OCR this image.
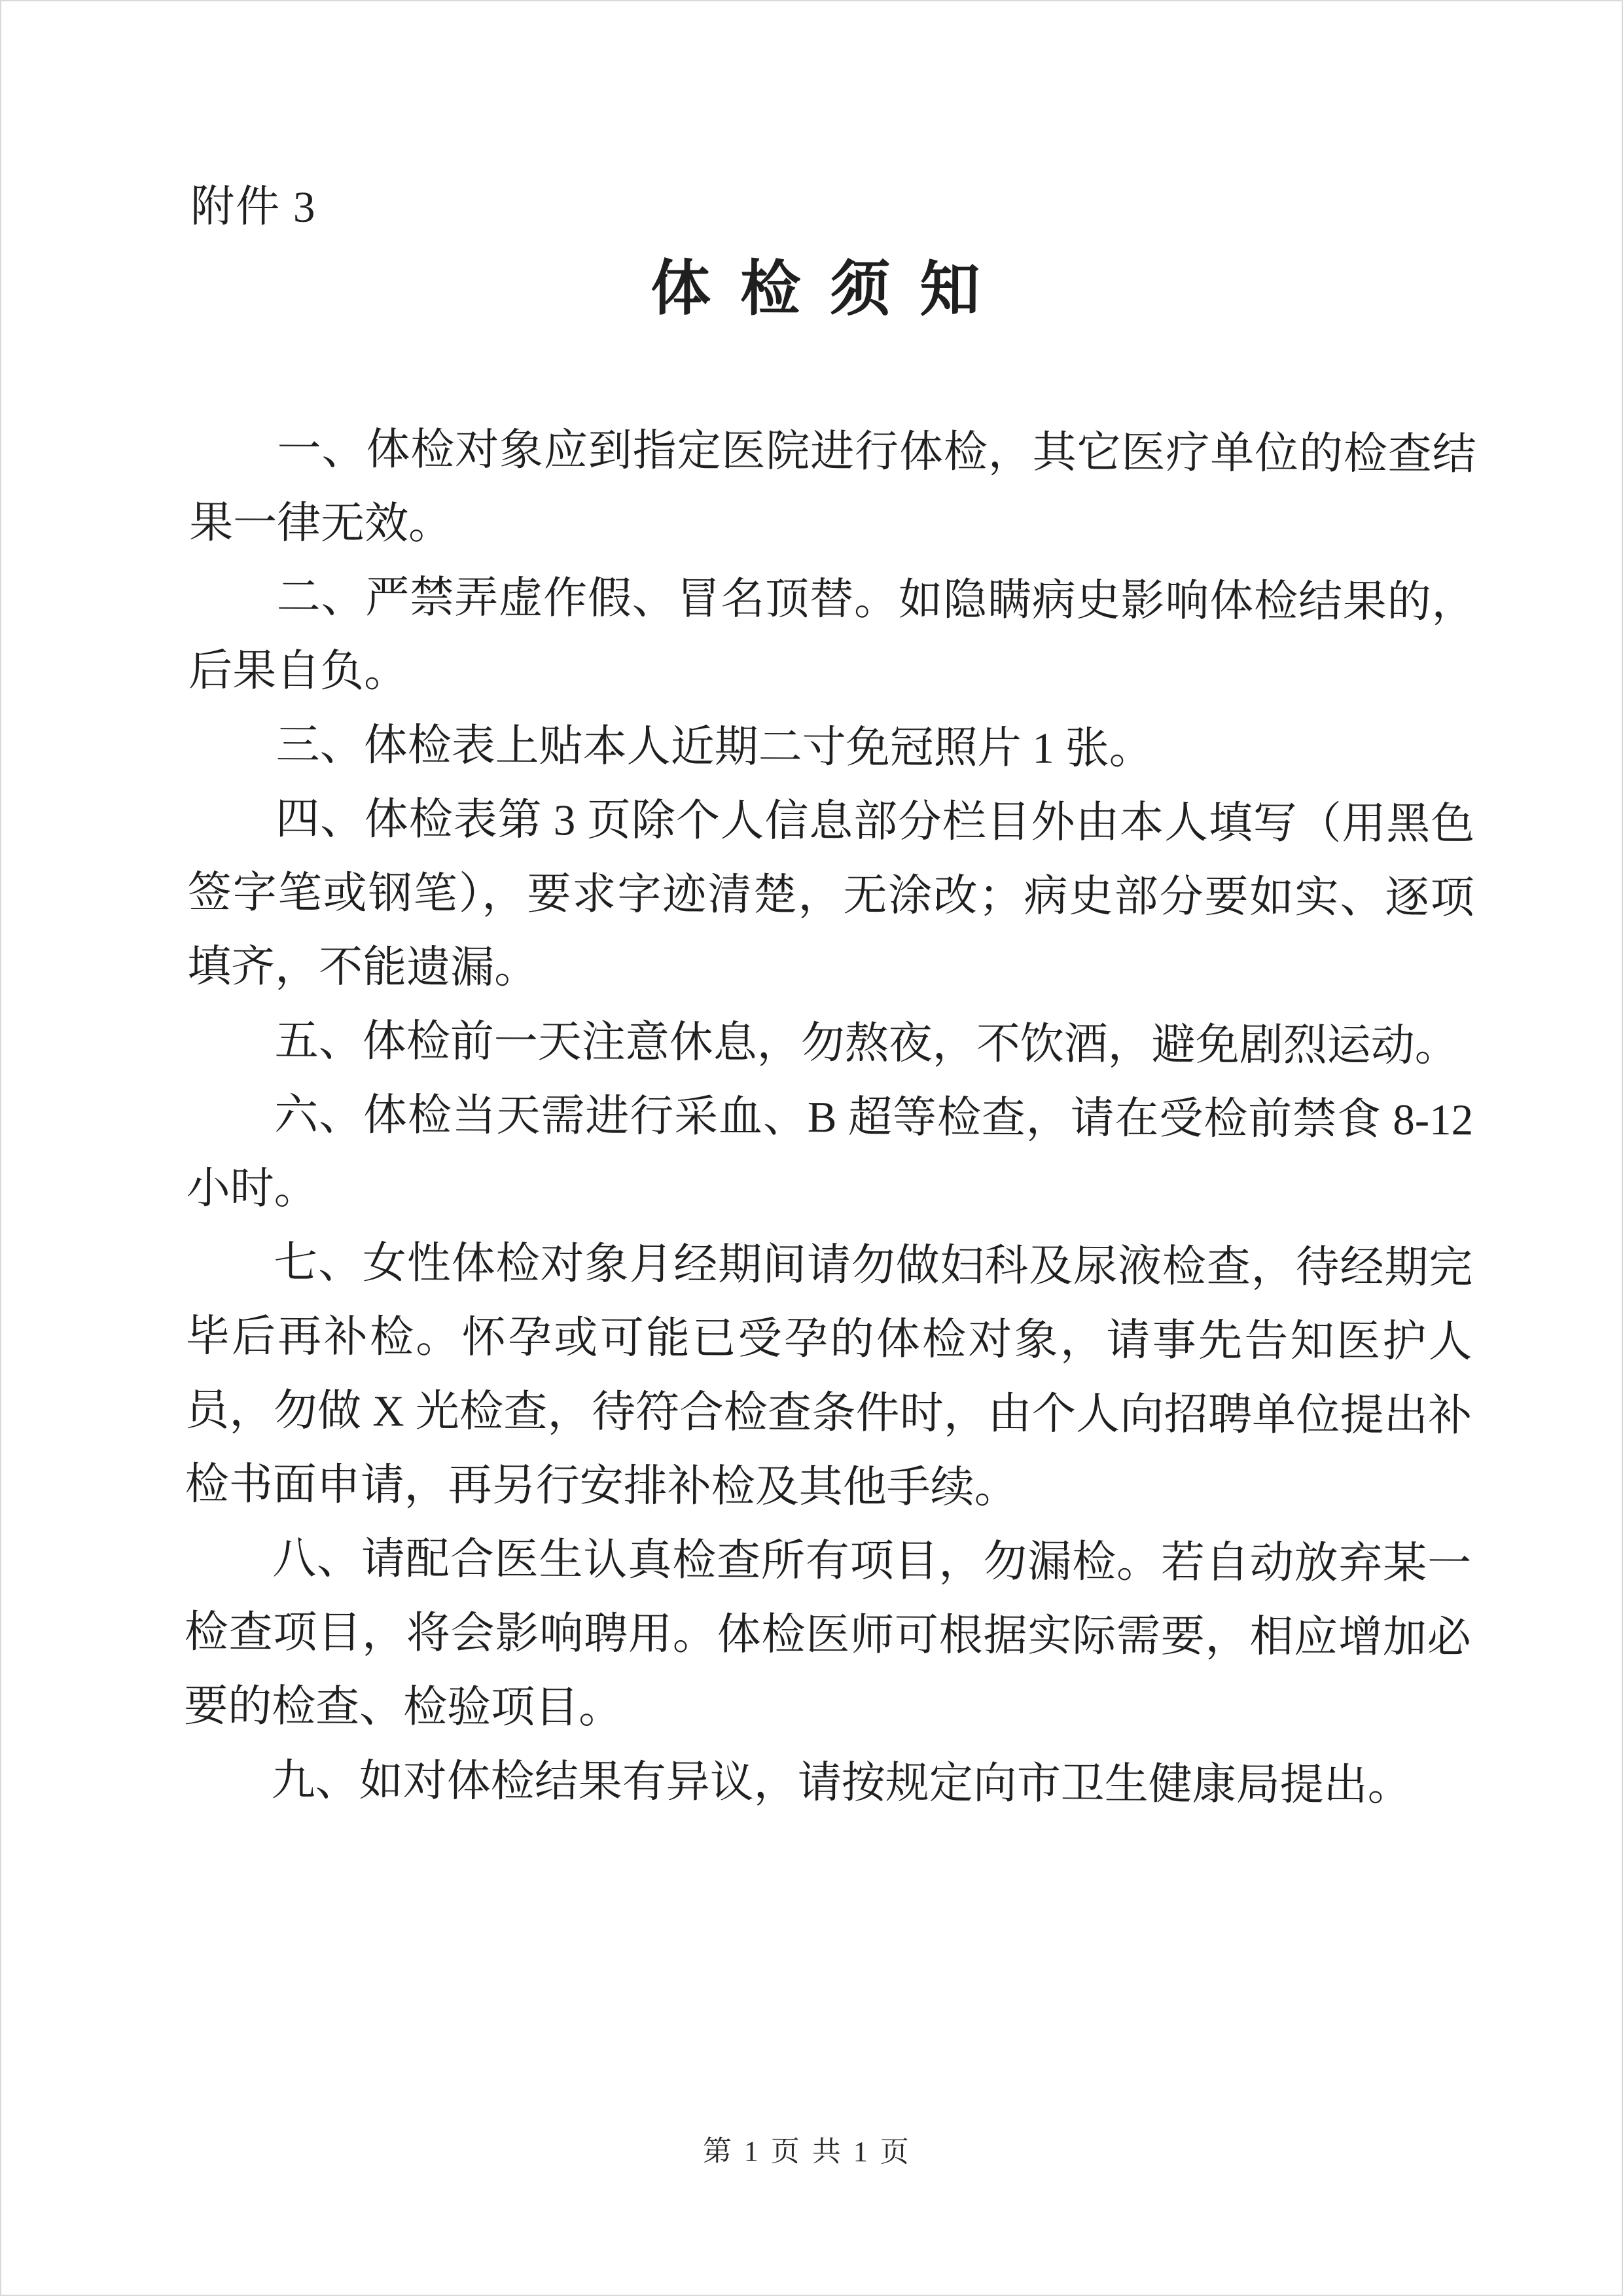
附件 3
体 检 须 知

一、体检对象应到指定医院进行体检，其它医疗单位的检查结果一律无效。

二、严禁弄虚作假、冒名顶替。如隐瞒病史影响体检结果的，后果自负。

三、体检表上贴本人近期二寸免冠照片 1 张。

四、体检表第 3 页除个人信息部分栏目外由本人填写（用黑色签字笔或钢笔），要求字迹清楚，无涂改；病史部分要如实、逐项填齐，不能遗漏。

五、体检前一天注意休息，勿熬夜，不饮酒，避免剧烈运动。

六、体检当天需进行采血、B 超等检查，请在受检前禁食 8-12 小时。

七、女性体检对象月经期间请勿做妇科及尿液检查，待经期完毕后再补检。怀孕或可能已受孕的体检对象，请事先告知医护人员，勿做 X 光检查，待符合检查条件时，由个人向招聘单位提出补检书面申请，再另行安排补检及其他手续。

八、请配合医生认真检查所有项目，勿漏检。若自动放弃某一检查项目，将会影响聘用。体检医师可根据实际需要，相应增加必要的检查、检验项目。

九、如对体检结果有异议，请按规定向市卫生健康局提出。

第 1 页 共 1 页
